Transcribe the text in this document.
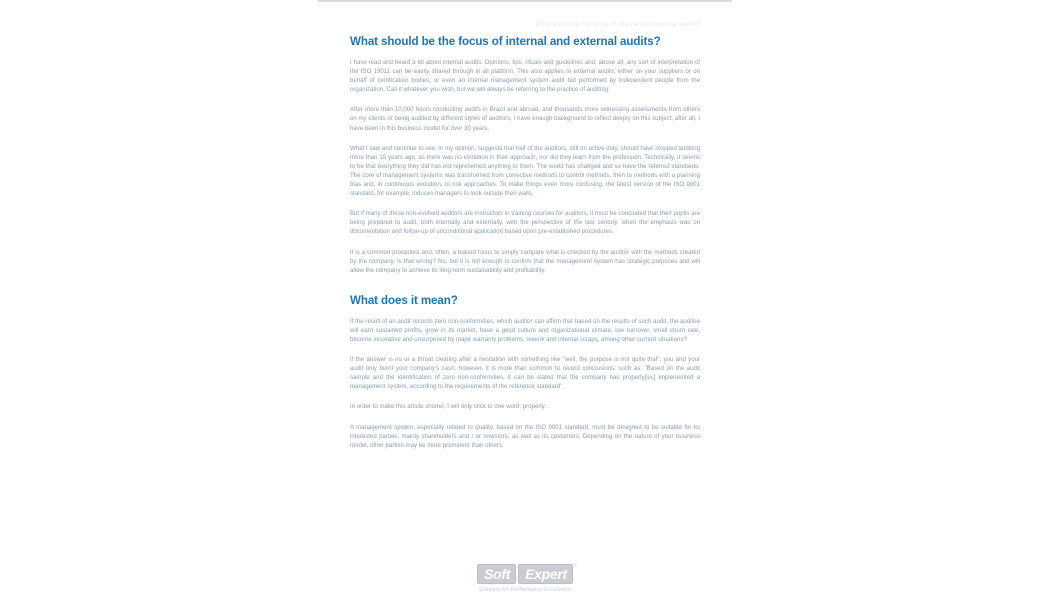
What should be the focus of internal and external audits?
What should be the focus of internal and external audits?

I have read and heard a lot about internal audits. Opinions, tips, rituals and guidelines and, above all, any sort of interpretation of the ISO 19011 can be easily shared through in all platform. This also applies to external audits, either on your suppliers or on behalf of certification bodies, or even an internal management system audit but performed by independent people from the organization. Call it whatever you wish, but we will always be referring to the practice of auditing.

After more than 10,000 hours conducting audits in Brazil and abroad, and thousands more witnessing assessments from others on my clients or being audited by different styles of auditors, I have enough background to reflect deeply on this subject, after all, I have been in this business model for over 30 years.

What I saw and continue to see, in my opinion, suggests that half of the auditors, still on active duty, should have stopped auditing more than 15 years ago, as there was no evolution in their approach, nor did they learn from the profession. Technically, it seems to be that everything they did has not represented anything to them. The world has changed and so have the referred standards. The core of management systems was transformed from corrective methods to control methods, then to methods with a planning bias and, in continuous evolution, to risk approaches. To make things even more confusing, the latest version of the ISO 9001 standard, for example, induces managers to look outside their walls.

But if many of these non-evolved auditors are instructors in training courses for auditors, it must be concluded that their pupils are being prepared to audit, both internally and externally, with the perspective of the last century, when the emphasis was on documentation and follow-up of unconditional application based upon pre-established procedures.

It is a common procedure and, often, a biased focus to simply compare what is checked by the auditor with the methods created by the company. Is that wrong? No, but it is not enough to confirm that the management system has strategic purposes and will allow the company to achieve its long-term sustainability and profitability.

What does it mean?

If the result of an audit records zero non-conformities, which auditor can affirm that based on the results of such audit, the auditee will earn sustained profits, grow in its market, have a good culture and organizational climate, low turnover, small churn rate, become innovative and unsurprised by major warranty problems, rework and internal scraps, among other current situations?

If the answer is no or a throat clearing after a hesitation with something like "well, the purpose is not quite that", you and your audit only burnt your company's cash, however, it is more than common to record conclusions, such as: "Based on the audit sample and the identification of zero non-conformities, it can be stated that the company has properly[sic] implemented a management system, according to the requirements of the reference standard".

In order to make this article shorter, I will only stick to one word: properly.

A management system, especially related to quality, based on the ISO 9001 standard, must be designed to be suitable for its interested parties, mainly shareholders and / or investors, as well as its customers. Depending on the nature of your business model, other parties may be more prominent than others.

Soft	Expert	®
Software for Performance Excellence
